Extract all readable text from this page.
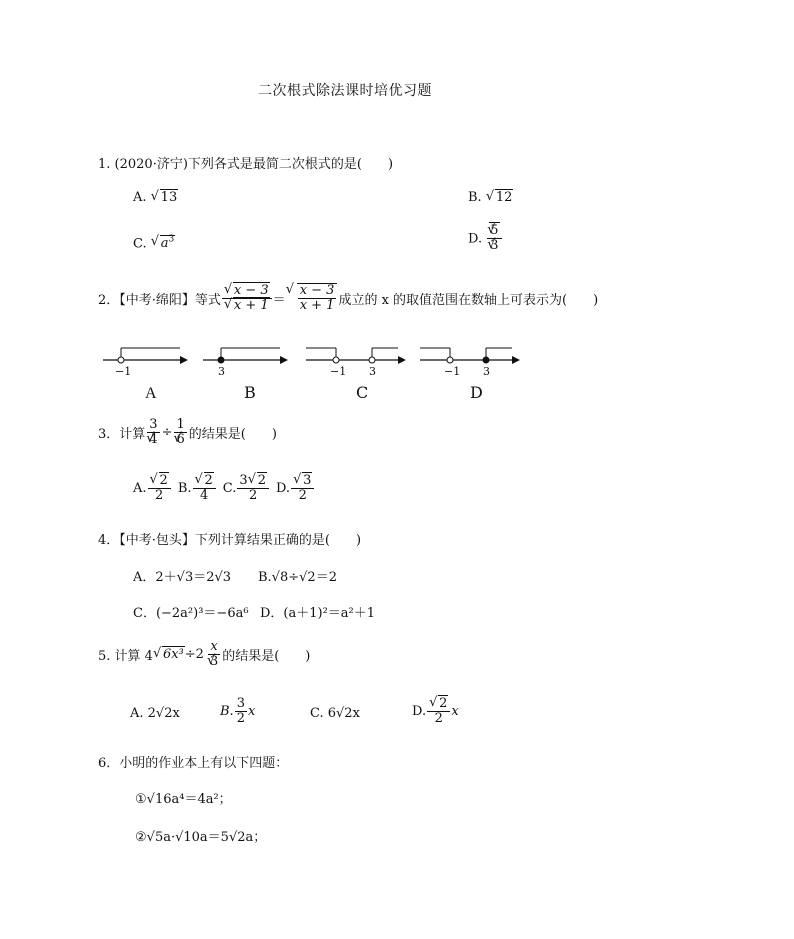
二次根式除法课时培优习题
1. (2020·济宁)下列各式是最简二次根式的是(　　)
A. √ 13	B. √ 12
C. √ $a^3$	D. √ 5
√ 3
2．【中考·绵阳】等式 √ x − 3
√ x + 1 ＝ √ $\frac{x - 3}{x + 1}$ 成立的 x 的取值范围在数轴上可表示为(　　)
−1
A
3
B
−1 3
C
−1 3
D
3．计算 3
√ 4 ÷ 1
√ 6 的结果是(　　)
A. √ $\frac{2}{2} B$. √ $\frac{2}{4} C$. $\frac{3 √ 2}{2} D$. √ $\frac{3}{2}$
4．【中考·包头】下列计算结果正确的是(　　)
A．2＋√3＝2√3 B.√8÷√2＝2
C．(−2a²)³＝−6a⁶ D．(a＋1)²＝a²＋1
5. 计算 4 √ 6x³ ÷2 x
√ 3 的结果是(　　)
A. 2√2x	B. $\frac{3}{2}$ x	C. 6√2x	D. √ $\frac{2}{2}$ x
6．小明的作业本上有以下四题：
①√16a⁴＝4a²；
②√5a·√10a＝5√2a；
